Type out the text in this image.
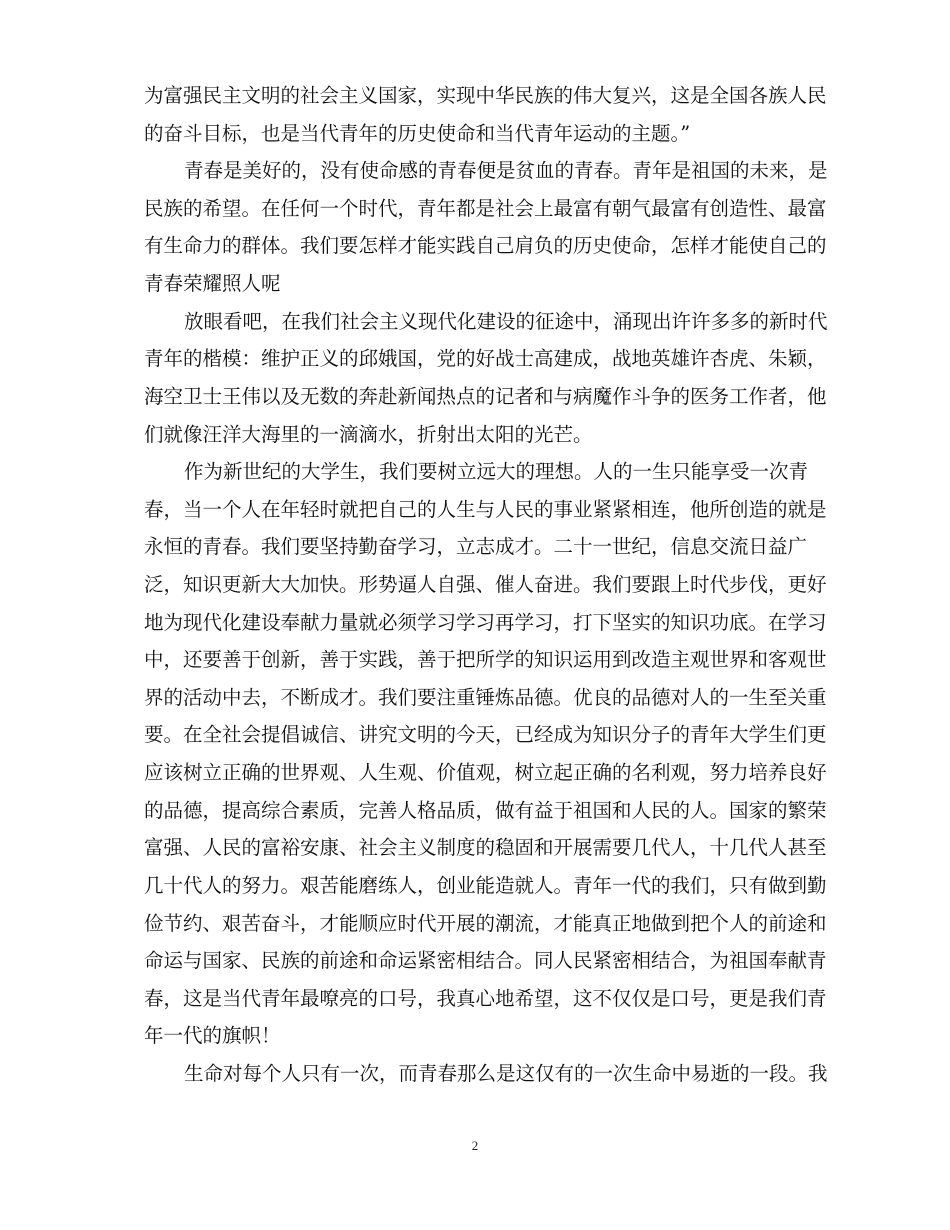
为富强民主文明的社会主义国家，实现中华民族的伟大复兴，这是全国各族人民
的奋斗目标，也是当代青年的历史使命和当代青年运动的主题。”
青春是美好的，没有使命感的青春便是贫血的青春。青年是祖国的未来，是
民族的希望。在任何一个时代，青年都是社会上最富有朝气最富有创造性、最富
有生命力的群体。我们要怎样才能实践自己肩负的历史使命，怎样才能使自己的
青春荣耀照人呢
放眼看吧，在我们社会主义现代化建设的征途中，涌现出许许多多的新时代
青年的楷模：维护正义的邱娥国，党的好战士高建成，战地英雄许杏虎、朱颖，
海空卫士王伟以及无数的奔赴新闻热点的记者和与病魔作斗争的医务工作者，他
们就像汪洋大海里的一滴滴水，折射出太阳的光芒。
作为新世纪的大学生，我们要树立远大的理想。人的一生只能享受一次青
春，当一个人在年轻时就把自己的人生与人民的事业紧紧相连，他所创造的就是
永恒的青春。我们要坚持勤奋学习，立志成才。二十一世纪，信息交流日益广
泛，知识更新大大加快。形势逼人自强、催人奋进。我们要跟上时代步伐，更好
地为现代化建设奉献力量就必须学习学习再学习，打下坚实的知识功底。在学习
中，还要善于创新，善于实践，善于把所学的知识运用到改造主观世界和客观世
界的活动中去，不断成才。我们要注重锤炼品德。优良的品德对人的一生至关重
要。在全社会提倡诚信、讲究文明的今天，已经成为知识分子的青年大学生们更
应该树立正确的世界观、人生观、价值观，树立起正确的名利观，努力培养良好
的品德，提高综合素质，完善人格品质，做有益于祖国和人民的人。国家的繁荣
富强、人民的富裕安康、社会主义制度的稳固和开展需要几代人，十几代人甚至
几十代人的努力。艰苦能磨练人，创业能造就人。青年一代的我们，只有做到勤
俭节约、艰苦奋斗，才能顺应时代开展的潮流，才能真正地做到把个人的前途和
命运与国家、民族的前途和命运紧密相结合。同人民紧密相结合，为祖国奉献青
春，这是当代青年最嘹亮的口号，我真心地希望，这不仅仅是口号，更是我们青
年一代的旗帜！
生命对每个人只有一次，而青春那么是这仅有的一次生命中易逝的一段。我
2
